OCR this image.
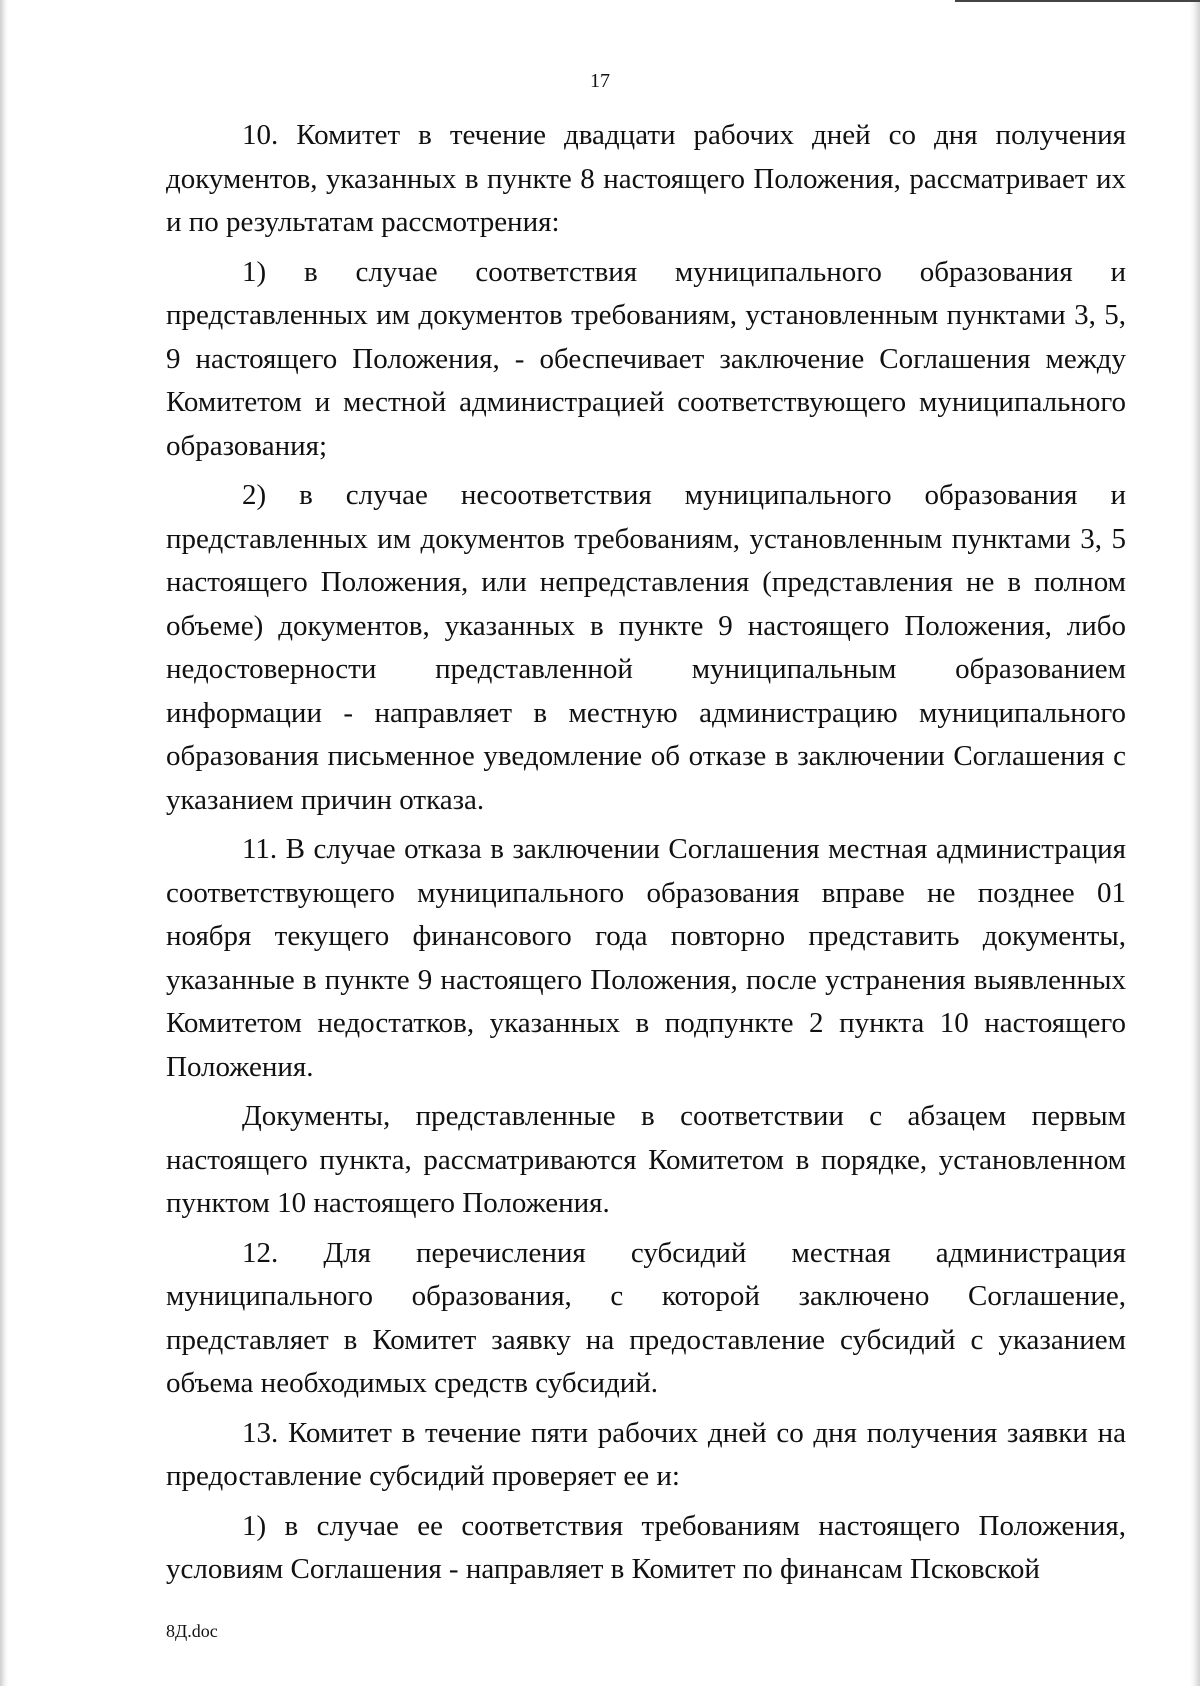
17

10. Комитет в течение двадцати рабочих дней со дня получения документов, указанных в пункте 8 настоящего Положения, рассматривает их и по результатам рассмотрения:

1) в случае соответствия муниципального образования и представленных им документов требованиям, установленным пунктами 3, 5, 9 настоящего Положения, - обеспечивает заключение Соглашения между Комитетом и местной администрацией соответствующего муниципального образования;

2) в случае несоответствия муниципального образования и представленных им документов требованиям, установленным пунктами 3, 5 настоящего Положения, или непредставления (представления не в полном объеме) документов, указанных в пункте 9 настоящего Положения, либо недостоверности представленной муниципальным образованием информации - направляет в местную администрацию муниципального образования письменное уведомление об отказе в заключении Соглашения с указанием причин отказа.

11. В случае отказа в заключении Соглашения местная администрация соответствующего муниципального образования вправе не позднее 01 ноября текущего финансового года повторно представить документы, указанные в пункте 9 настоящего Положения, после устранения выявленных Комитетом недостатков, указанных в подпункте 2 пункта 10 настоящего Положения.

Документы, представленные в соответствии с абзацем первым настоящего пункта, рассматриваются Комитетом в порядке, установленном пунктом 10 настоящего Положения.

12. Для перечисления субсидий местная администрация муниципального образования, с которой заключено Соглашение, представляет в Комитет заявку на предоставление субсидий с указанием объема необходимых средств субсидий.

13. Комитет в течение пяти рабочих дней со дня получения заявки на предоставление субсидий проверяет ее и:

1) в случае ее соответствия требованиям настоящего Положения, условиям Соглашения - направляет в Комитет по финансам Псковской

8Д.doc
